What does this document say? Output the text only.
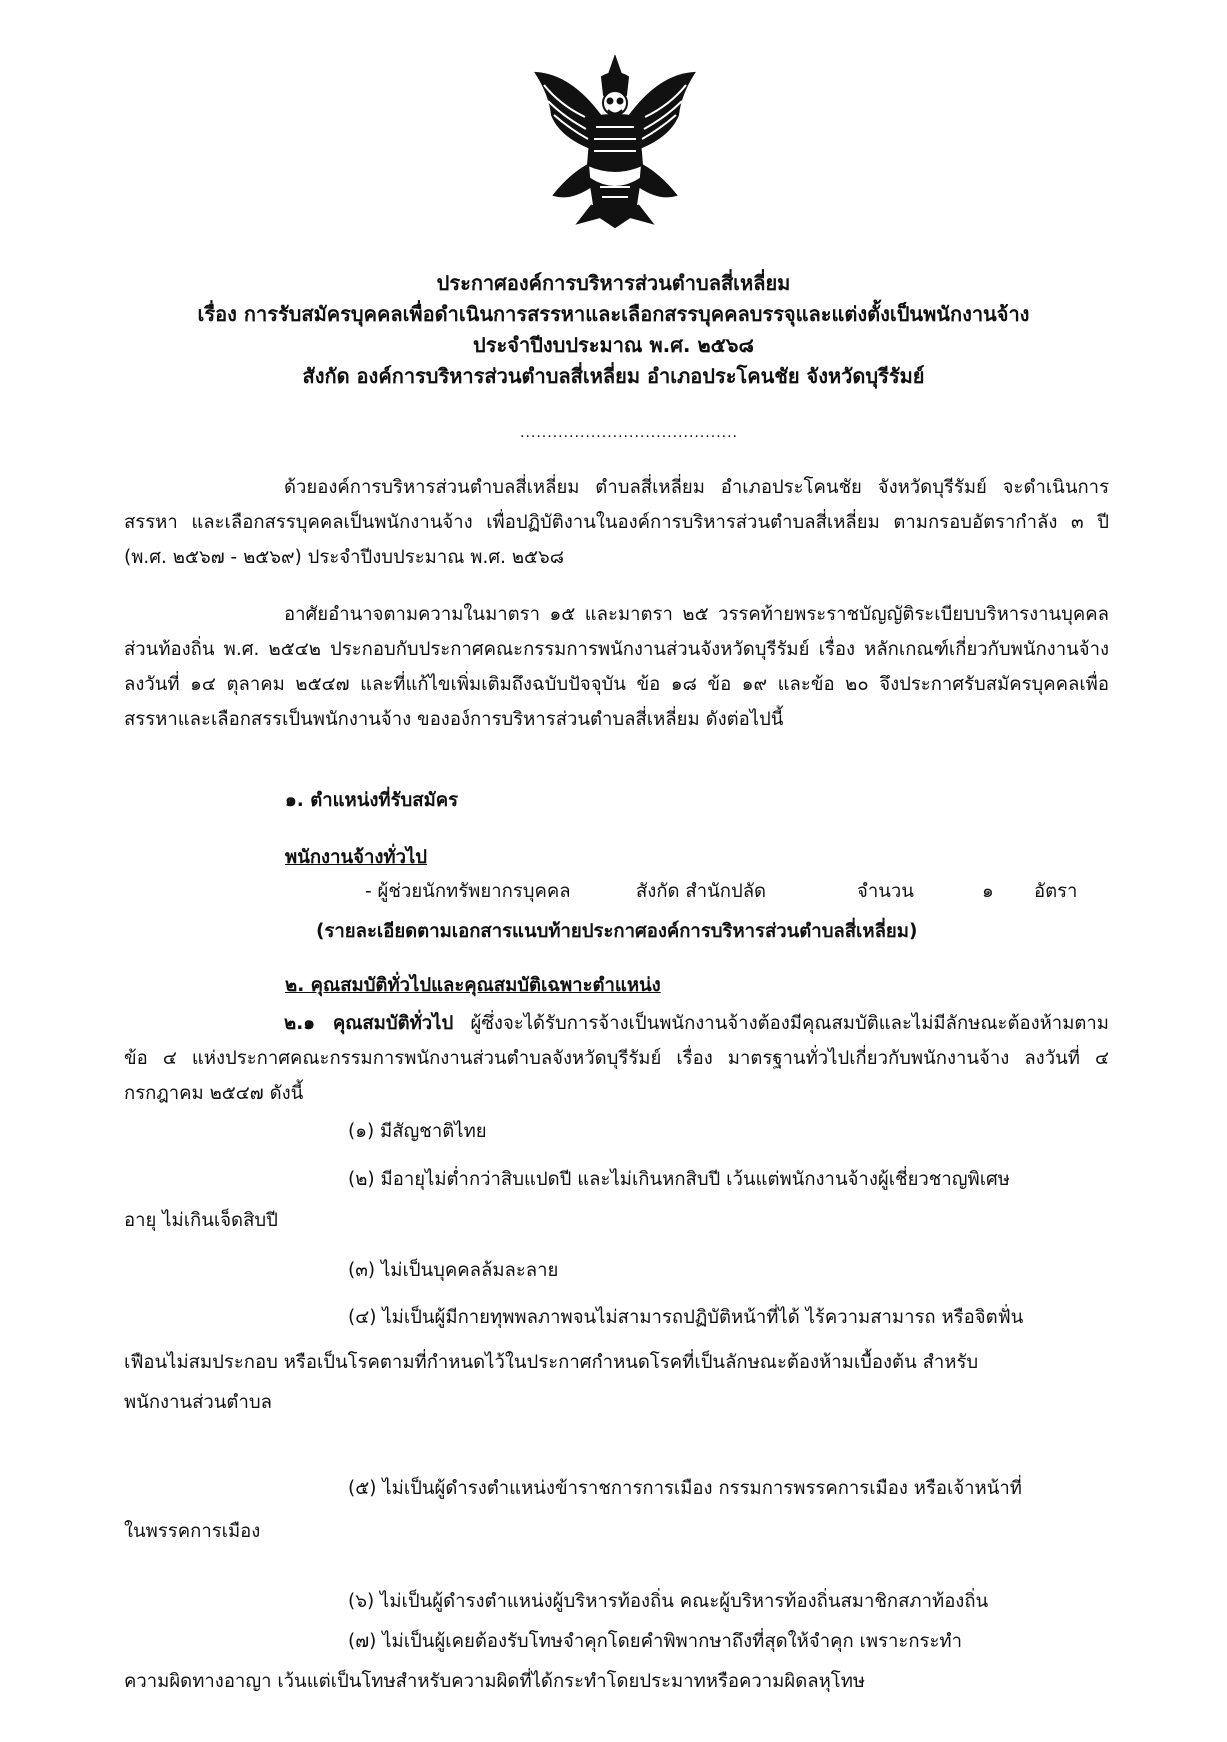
ประกาศองค์การบริหารส่วนตำบลสี่เหลี่ยม
เรื่อง การรับสมัครบุคคลเพื่อดำเนินการสรรหาและเลือกสรรบุคคลบรรจุและแต่งตั้งเป็นพนักงานจ้าง
ประจำปีงบประมาณ พ.ศ. ๒๕๖๘
สังกัด องค์การบริหารส่วนตำบลสี่เหลี่ยม อำเภอประโคนชัย จังหวัดบุรีรัมย์
........................................
ด้วยองค์การบริหารส่วนตำบลสี่เหลี่ยม ตำบลสี่เหลี่ยม อำเภอประโคนชัย จังหวัดบุรีรัมย์ จะดำเนินการสรรหา และเลือกสรรบุคคลเป็นพนักงานจ้าง เพื่อปฏิบัติงานในองค์การบริหารส่วนตำบลสี่เหลี่ยม ตามกรอบอัตรากำลัง ๓ ปี (พ.ศ. ๒๕๖๗ - ๒๕๖๙) ประจำปีงบประมาณ พ.ศ. ๒๕๖๘
อาศัยอำนาจตามความในมาตรา ๑๕ และมาตรา ๒๕ วรรคท้ายพระราชบัญญัติระเบียบบริหารงานบุคคลส่วนท้องถิ่น พ.ศ. ๒๕๔๒ ประกอบกับประกาศคณะกรรมการพนักงานส่วนจังหวัดบุรีรัมย์ เรื่อง หลักเกณฑ์เกี่ยวกับพนักงานจ้าง ลงวันที่ ๑๔ ตุลาคม ๒๕๔๗ และที่แก้ไขเพิ่มเติมถึงฉบับปัจจุบัน ข้อ ๑๘ ข้อ ๑๙ และข้อ ๒๐ จึงประกาศรับสมัครบุคคลเพื่อสรรหาและเลือกสรรเป็นพนักงานจ้าง ขององ์การบริหารส่วนตำบลสี่เหลี่ยม ดังต่อไปนี้
๑. ตำแหน่งที่รับสมัคร
พนักงานจ้างทั่วไป
- ผู้ช่วยนักทรัพยากรบุคคล	สังกัด สำนักปลัด	จำนวน	๑ อัตรา
(รายละเอียดตามเอกสารแนบท้ายประกาศองค์การบริหารส่วนตำบลสี่เหลี่ยม)
๒. คุณสมบัติทั่วไปและคุณสมบัติเฉพาะตำแหน่ง
๒.๑ คุณสมบัติทั่วไป ผู้ซึ่งจะได้รับการจ้างเป็นพนักงานจ้างต้องมีคุณสมบัติและไม่มีลักษณะต้องห้ามตามข้อ ๔ แห่งประกาศคณะกรรมการพนักงานส่วนตำบลจังหวัดบุรีรัมย์ เรื่อง มาตรฐานทั่วไปเกี่ยวกับพนักงานจ้าง ลงวันที่ ๔ กรกฎาคม ๒๕๔๗ ดังนี้
(๑) มีสัญชาติไทย
(๒) มีอายุไม่ต่ำกว่าสิบแปดปี และไม่เกินหกสิบปี เว้นแต่พนักงานจ้างผู้เชี่ยวชาญพิเศษ
อายุ ไม่เกินเจ็ดสิบปี
(๓) ไม่เป็นบุคคลล้มละลาย
(๔) ไม่เป็นผู้มีกายทุพพลภาพจนไม่สามารถปฏิบัติหน้าที่ได้ ไร้ความสามารถ หรือจิตฟั่น
เฟือนไม่สมประกอบ หรือเป็นโรคตามที่กำหนดไว้ในประกาศกำหนดโรคที่เป็นลักษณะต้องห้ามเบื้องต้น สำหรับ
พนักงานส่วนตำบล
(๕) ไม่เป็นผู้ดำรงตำแหน่งข้าราชการการเมือง กรรมการพรรคการเมือง หรือเจ้าหน้าที่
ในพรรคการเมือง
(๖) ไม่เป็นผู้ดำรงตำแหน่งผู้บริหารท้องถิ่น คณะผู้บริหารท้องถิ่นสมาชิกสภาท้องถิ่น
(๗) ไม่เป็นผู้เคยต้องรับโทษจำคุกโดยคำพิพากษาถึงที่สุดให้จำคุก เพราะกระทำ
ความผิดทางอาญา เว้นแต่เป็นโทษสำหรับความผิดที่ได้กระทำโดยประมาทหรือความผิดลหุโทษ
